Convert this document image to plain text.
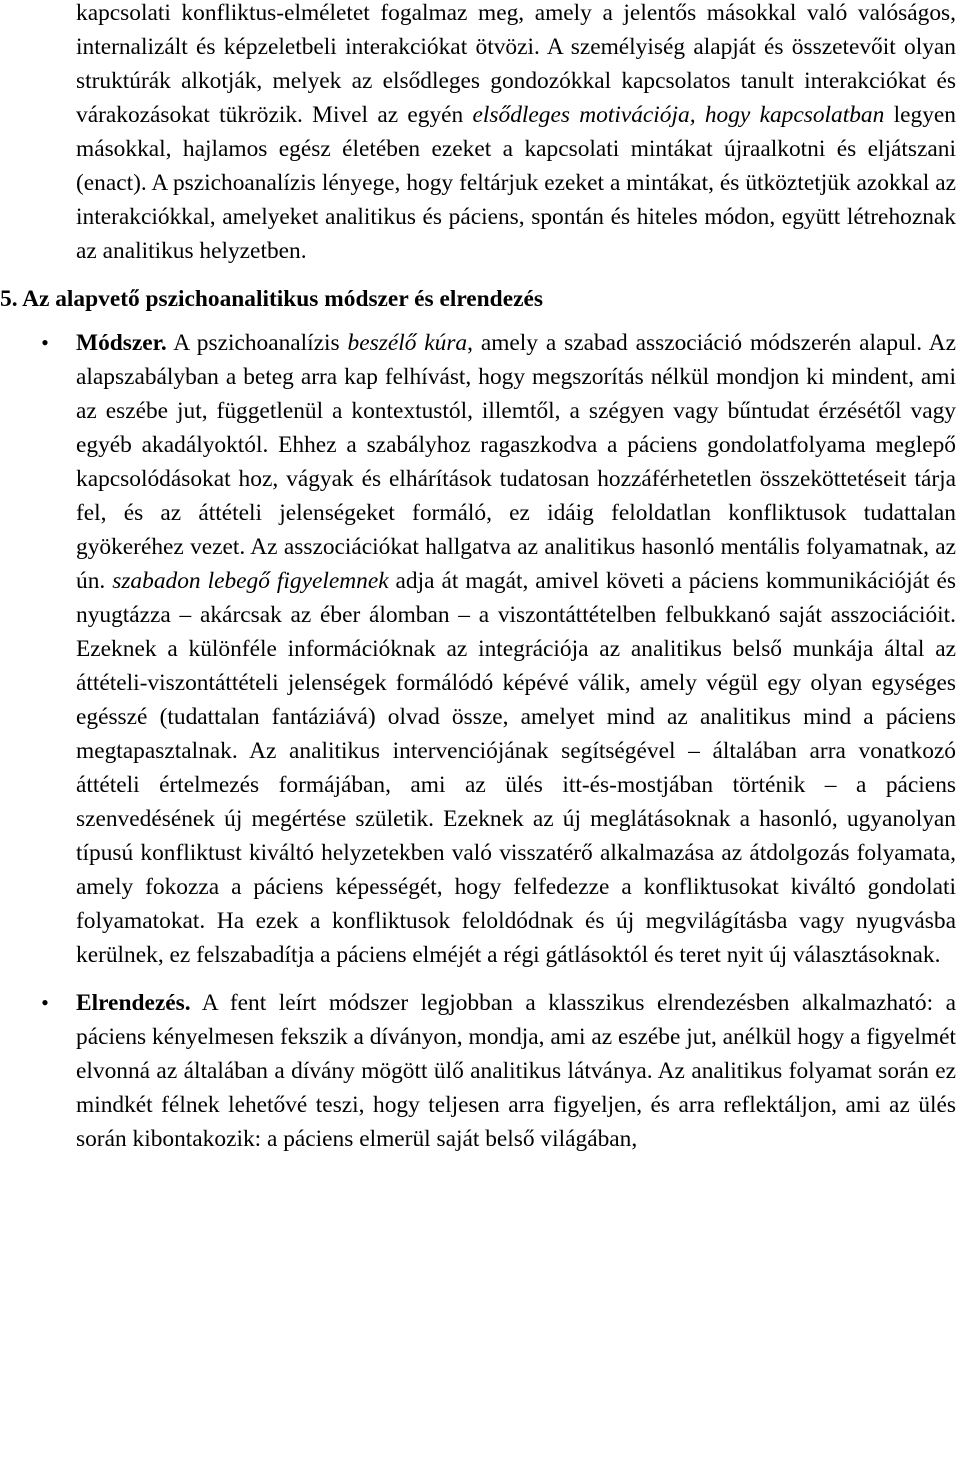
kapcsolati konfliktus-elméletet fogalmaz meg, amely a jelentős másokkal való valóságos, internalizált és képzeletbeli interakciókat ötvözi. A személyiség alapját és összetevőit olyan struktúrák alkotják, melyek az elsődleges gondozókkal kapcsolatos tanult interakciókat és várakozásokat tükrözik. Mivel az egyén elsődleges motivációja, hogy kapcsolatban legyen másokkal, hajlamos egész életében ezeket a kapcsolati mintákat újraalkotni és eljátszani (enact). A pszichoanalízis lényege, hogy feltárjuk ezeket a mintákat, és ütköztetjük azokkal az interakciókkal, amelyeket analitikus és páciens, spontán és hiteles módon, együtt létrehoznak az analitikus helyzetben.

5. Az alapvető pszichoanalitikus módszer és elrendezés
• Módszer. A pszichoanalízis beszélő kúra, amely a szabad asszociáció módszerén alapul. Az alapszabályban a beteg arra kap felhívást, hogy megszorítás nélkül mondjon ki mindent, ami az eszébe jut, függetlenül a kontextustól, illemtől, a szégyen vagy bűntudat érzésétől vagy egyéb akadályoktól. Ehhez a szabályhoz ragaszkodva a páciens gondolatfolyama meglepő kapcsolódásokat hoz, vágyak és elhárítások tudatosan hozzáférhetetlen összeköttetéseit tárja fel, és az áttételi jelenségeket formáló, ez idáig feloldatlan konfliktusok tudattalan gyökeréhez vezet. Az asszociációkat hallgatva az analitikus hasonló mentális folyamatnak, az ún. szabadon lebegő figyelemnek adja át magát, amivel követi a páciens kommunikációját és nyugtázza – akárcsak az éber álomban – a viszontáttételben felbukkanó saját asszociációit. Ezeknek a különféle információknak az integrációja az analitikus belső munkája által az áttételi-viszontáttételi jelenségek formálódó képévé válik, amely végül egy olyan egységes egésszé (tudattalan fantáziává) olvad össze, amelyet mind az analitikus mind a páciens megtapasztalnak. Az analitikus intervenciójának segítségével – általában arra vonatkozó áttételi értelmezés formájában, ami az ülés itt-és-mostjában történik – a páciens szenvedésének új megértése születik. Ezeknek az új meglátásoknak a hasonló, ugyanolyan típusú konfliktust kiváltó helyzetekben való visszatérő alkalmazása az átdolgozás folyamata, amely fokozza a páciens képességét, hogy felfedezze a konfliktusokat kiváltó gondolati folyamatokat. Ha ezek a konfliktusok feloldódnak és új megvilágításba vagy nyugvásba kerülnek, ez felszabadítja a páciens elméjét a régi gátlásoktól és teret nyit új választásoknak.

• Elrendezés. A fent leírt módszer legjobban a klasszikus elrendezésben alkalmazható: a páciens kényelmesen fekszik a díványon, mondja, ami az eszébe jut, anélkül hogy a figyelmét elvonná az általában a dívány mögött ülő analitikus látványa. Az analitikus folyamat során ez mindkét félnek lehetővé teszi, hogy teljesen arra figyeljen, és arra reflektáljon, ami az ülés során kibontakozik: a páciens elmerül saját belső világában,
